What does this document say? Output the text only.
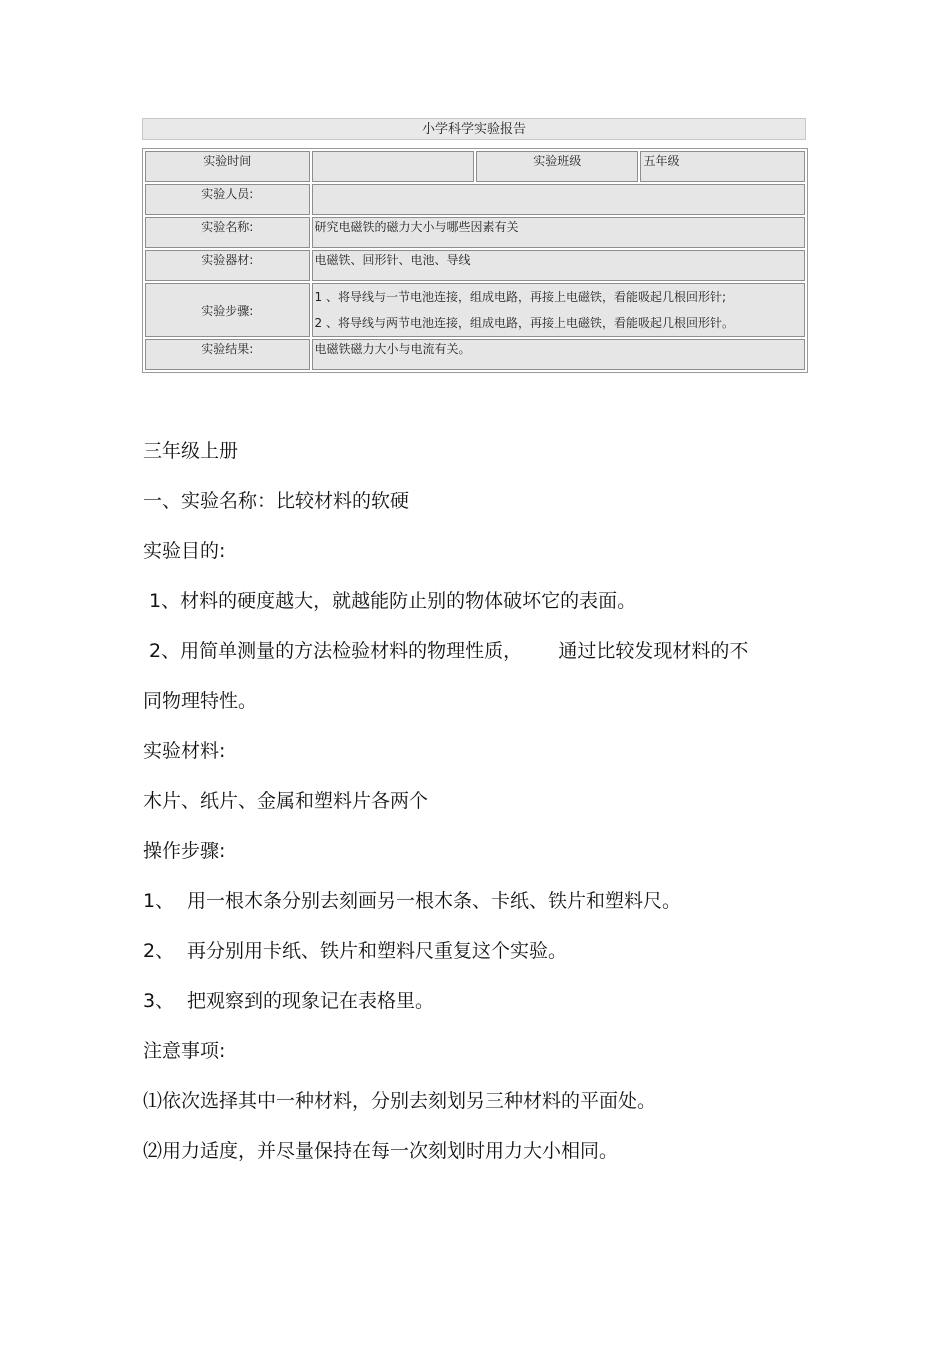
小学科学实验报告
实验时间		实验班级	五年级
实验人员:			
实验名称:	研究电磁铁的磁力大小与哪些因素有关		
实验器材:	电磁铁、回形针、电池、导线		
实验步骤:	1 、将导线与一节电池连接，组成电路，再接上电磁铁，看能吸起几根回形针;
2 、将导线与两节电池连接，组成电路，再接上电磁铁，看能吸起几根回形针。		

实验结果:	电磁铁磁力大小与电流有关。		
三年级上册
一、实验名称：比较材料的软硬
实验目的:
1、材料的硬度越大，就越能防止别的物体破坏它的表面。
2、用简单测量的方法检验材料的物理性质，      通过比较发现材料的不
同物理特性。
实验材料:
木片、纸片、金属和塑料片各两个
操作步骤:
1、 用一根木条分别去刻画另一根木条、卡纸、铁片和塑料尺。
2、 再分别用卡纸、铁片和塑料尺重复这个实验。
3、 把观察到的现象记在表格里。
注意事项:
⑴依次选择其中一种材料，分别去刻划另三种材料的平面处。
⑵用力适度，并尽量保持在每一次刻划时用力大小相同。
